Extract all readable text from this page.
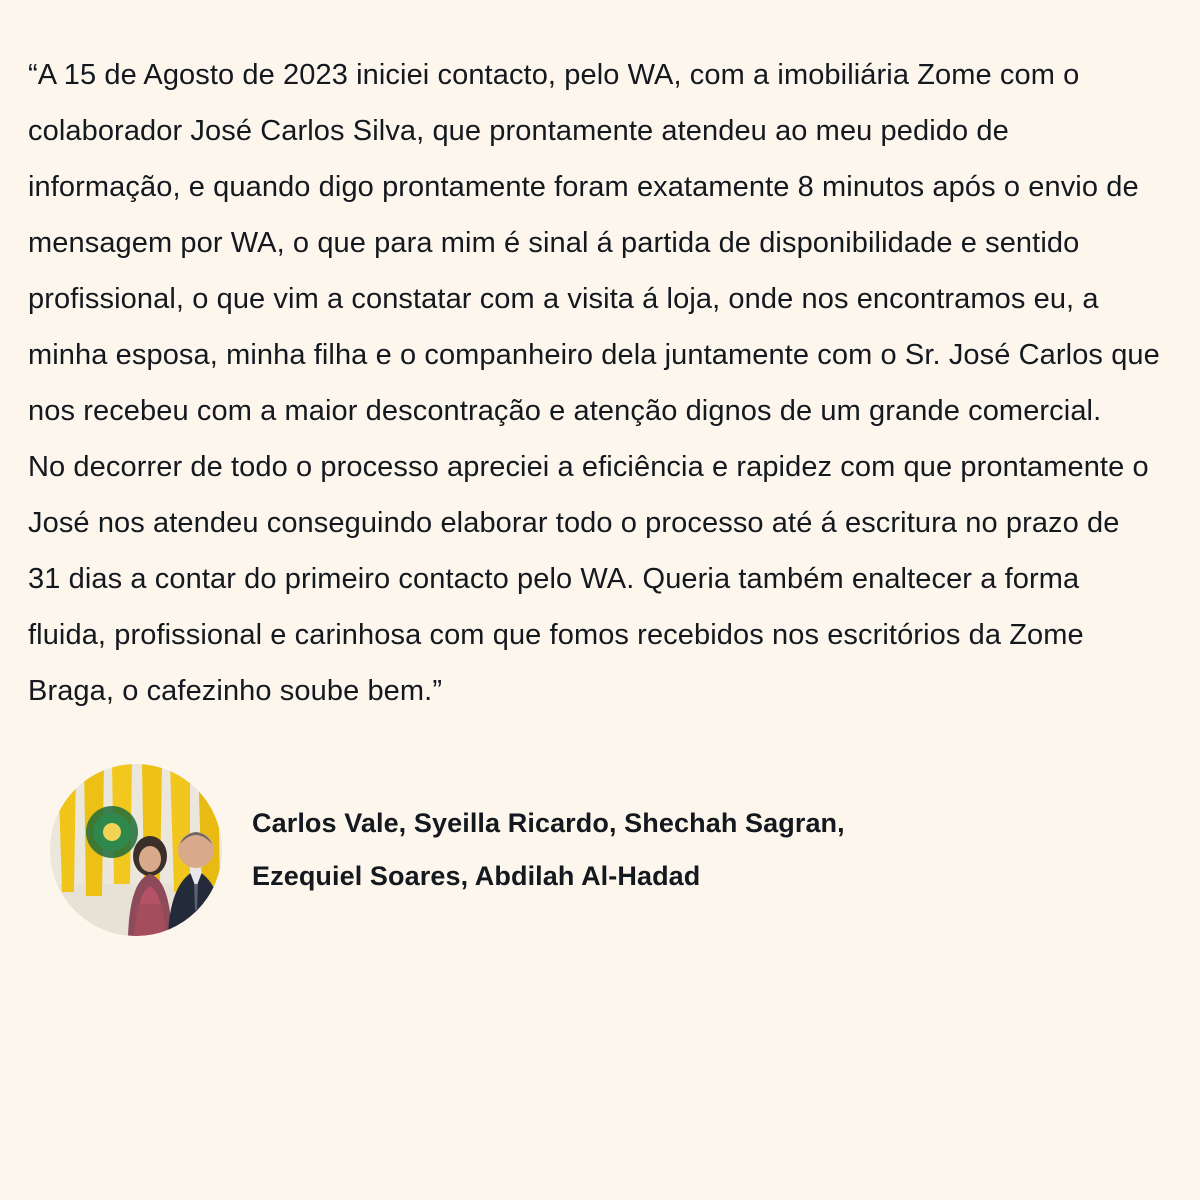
“A 15 de Agosto de 2023 iniciei contacto, pelo WA, com a imobiliária Zome com o colaborador José Carlos Silva, que prontamente atendeu ao meu pedido de informação, e quando digo prontamente foram exatamente 8 minutos após o envio de mensagem por WA, o que para mim é sinal á partida de disponibilidade e sentido profissional, o que vim a constatar com a visita á loja, onde nos encontramos eu, a minha esposa, minha filha e o companheiro dela juntamente com o Sr. José Carlos que nos recebeu com a maior descontração e atenção dignos de um grande comercial.

No decorrer de todo o processo apreciei a eficiência e rapidez com que prontamente o José nos atendeu conseguindo elaborar todo o processo até á escritura no prazo de 31 dias a contar do primeiro contacto pelo WA. Queria também enaltecer a forma fluida, profissional e carinhosa com que fomos recebidos nos escritórios da Zome Braga, o cafezinho soube bem.”

Carlos Vale, Syeilla Ricardo, Shechah Sagran,

Ezequiel Soares, Abdilah Al-Hadad
